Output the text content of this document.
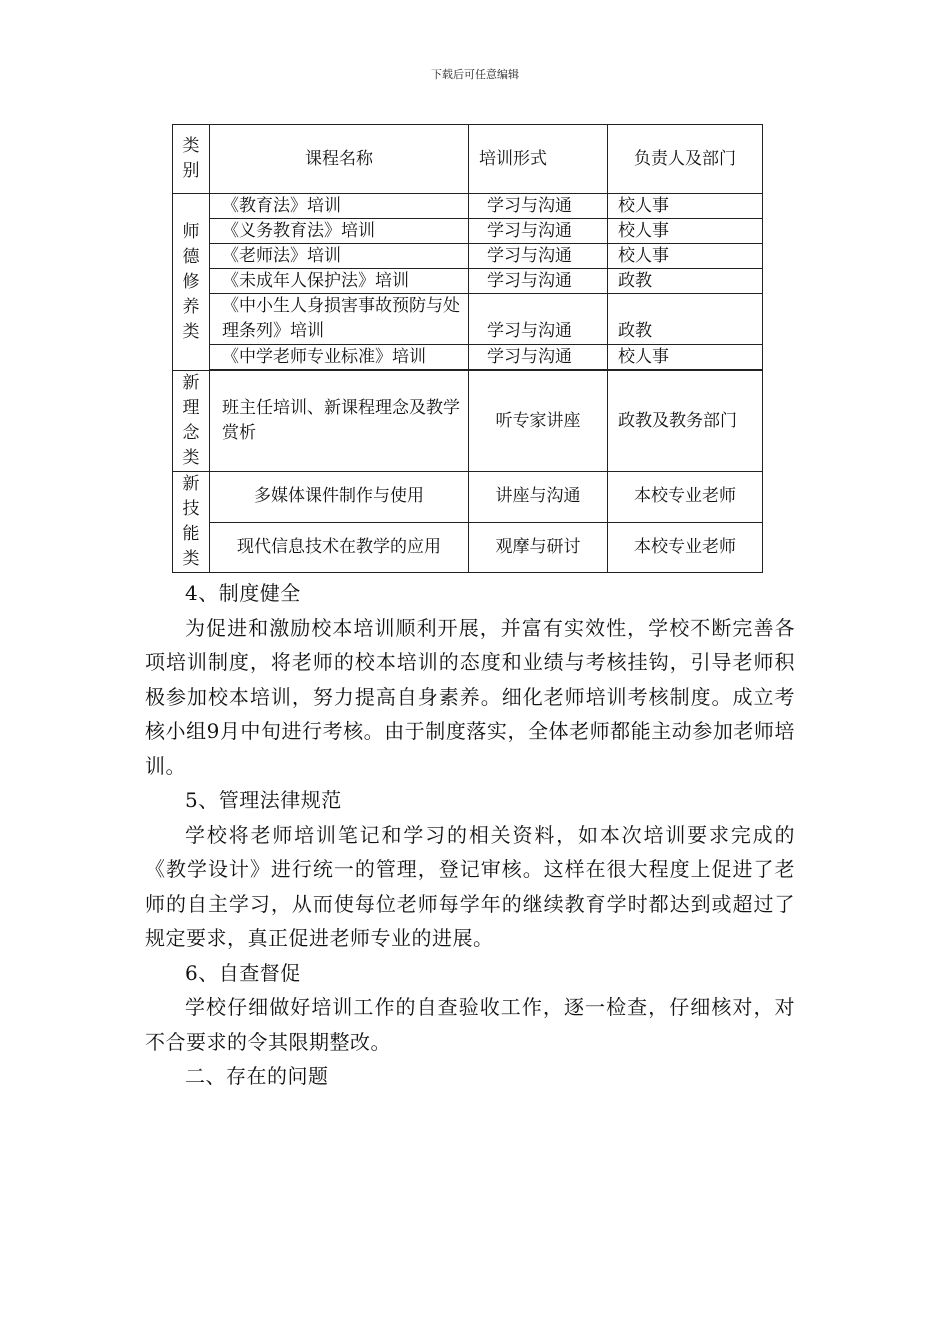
下载后可任意编辑
类别	课程名称	培训形式	负责人及部门

师德修养类	《教育法》培训	学习与沟通	校人事
	《义务教育法》培训	学习与沟通	校人事
	《老师法》培训	学习与沟通	校人事
	《未成年人保护法》培训	学习与沟通	政教
	《中小生人身损害事故预防与处理条列》培训	学习与沟通	政教
	《中学老师专业标准》培训	学习与沟通	校人事

新理念类	班主任培训、新课程理念及教学赏析	听专家讲座	政教及教务部门

新技能类	多媒体课件制作与使用	讲座与沟通	本校专业老师
	现代信息技术在教学的应用	观摩与研讨	本校专业老师

4、制度健全

为促进和激励校本培训顺利开展，并富有实效性，学校不断完善各项培训制度，将老师的校本培训的态度和业绩与考核挂钩，引导老师积极参加校本培训，努力提高自身素养。细化老师培训考核制度。成立考核小组9月中旬进行考核。由于制度落实，全体老师都能主动参加老师培训。

5、管理法律规范

学校将老师培训笔记和学习的相关资料，如本次培训要求完成的《教学设计》进行统一的管理，登记审核。这样在很大程度上促进了老师的自主学习，从而使每位老师每学年的继续教育学时都达到或超过了规定要求，真正促进老师专业的进展。

6、自查督促

学校仔细做好培训工作的自查验收工作，逐一检查，仔细核对，对不合要求的令其限期整改。

二、存在的问题
